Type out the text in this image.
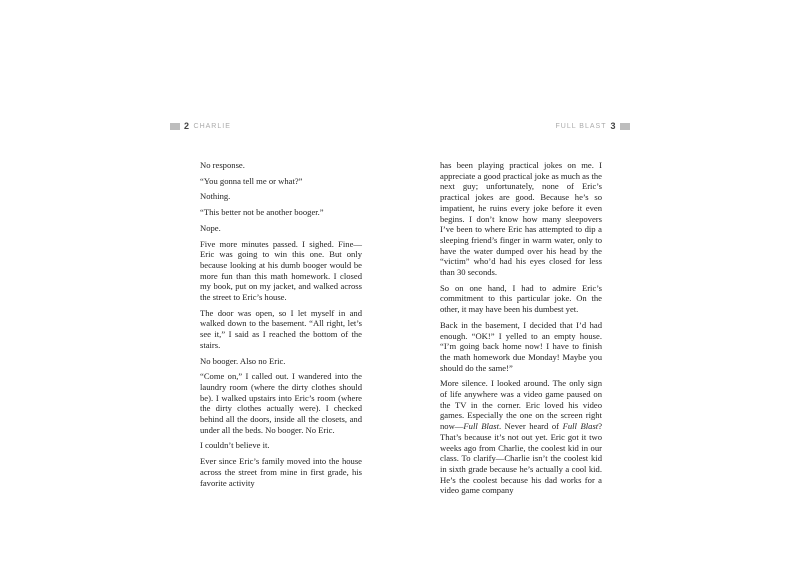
2 CHARLIE

No response.

“You gonna tell me or what?”

Nothing.

“This better not be another booger.”

Nope.

Five more minutes passed. I sighed. Fine—Eric was going to win this one. But only because looking at his dumb booger would be more fun than this math homework. I closed my book, put on my jacket, and walked across the street to Eric’s house.

The door was open, so I let myself in and walked down to the basement. “All right, let’s see it,” I said as I reached the bottom of the stairs.

No booger. Also no Eric.

“Come on,” I called out. I wandered into the laundry room (where the dirty clothes should be). I walked upstairs into Eric’s room (where the dirty clothes actually were). I checked behind all the doors, inside all the closets, and under all the beds. No booger. No Eric.

I couldn’t believe it.

Ever since Eric’s family moved into the house across the street from mine in first grade, his favorite activity

FULL BLAST 3

has been playing practical jokes on me. I appreciate a good practical joke as much as the next guy; unfortunately, none of Eric’s practical jokes are good. Because he’s so impatient, he ruins every joke before it even begins. I don’t know how many sleepovers I’ve been to where Eric has attempted to dip a sleeping friend’s finger in warm water, only to have the water dumped over his head by the “victim” who’d had his eyes closed for less than 30 seconds.

So on one hand, I had to admire Eric’s commitment to this particular joke. On the other, it may have been his dumbest yet.

Back in the basement, I decided that I’d had enough. “OK!” I yelled to an empty house. “I’m going back home now! I have to finish the math homework due Monday! Maybe you should do the same!”

More silence. I looked around. The only sign of life anywhere was a video game paused on the TV in the corner. Eric loved his video games. Especially the one on the screen right now—Full Blast. Never heard of Full Blast? That’s because it’s not out yet. Eric got it two weeks ago from Charlie, the coolest kid in our class. To clarify—Charlie isn’t the coolest kid in sixth grade because he’s actually a cool kid. He’s the coolest because his dad works for a video game company
